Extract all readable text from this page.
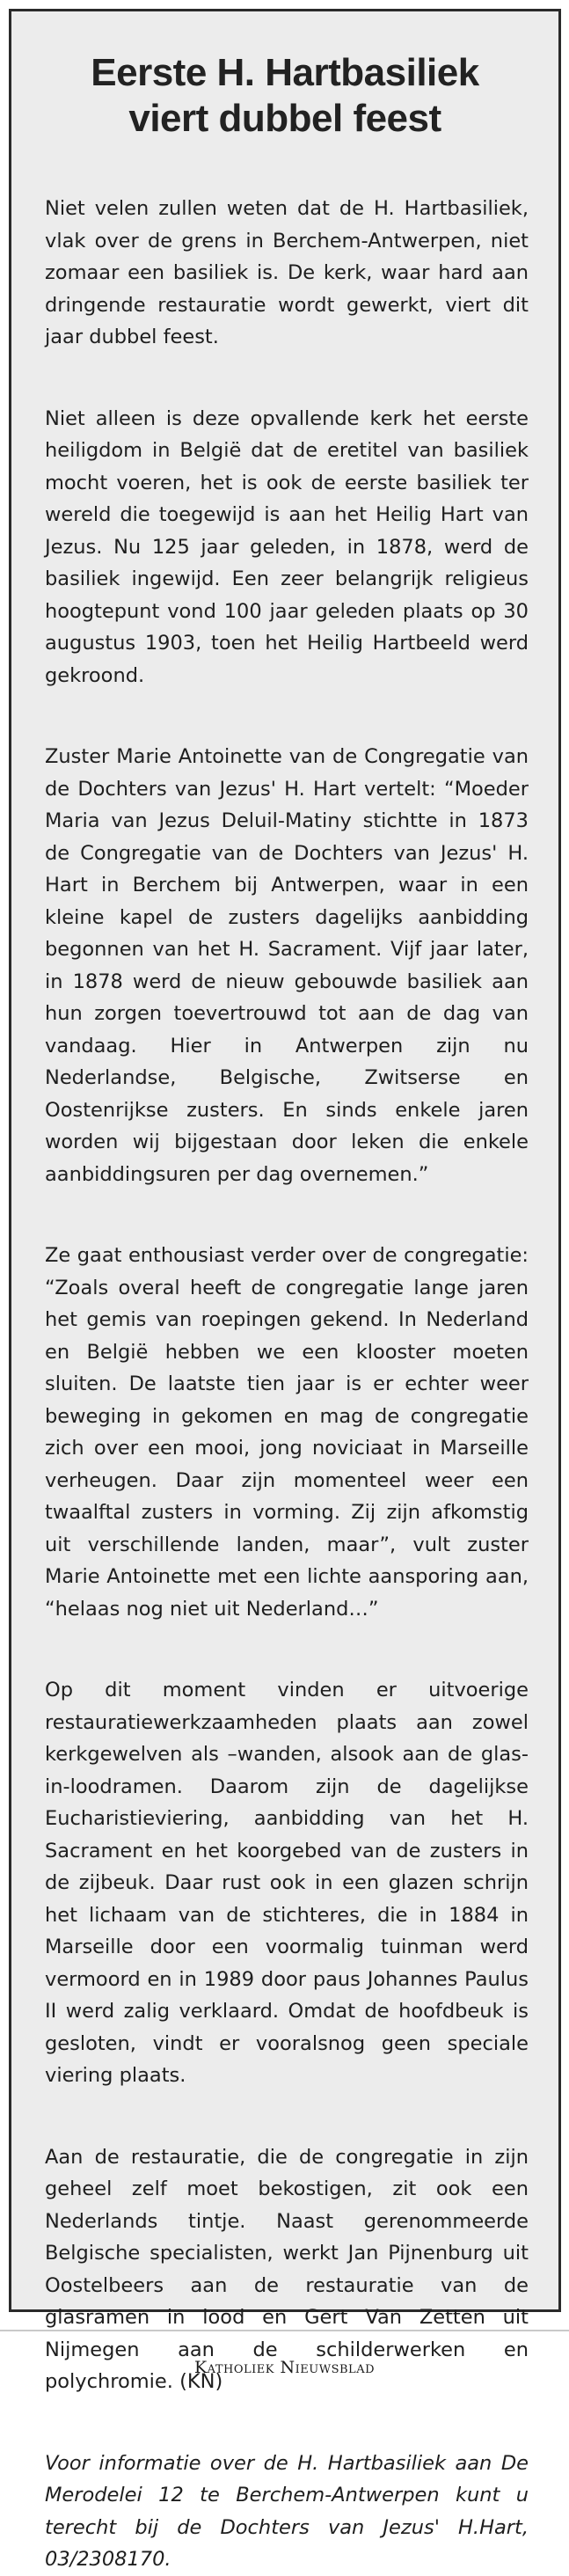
Eerste H. Hartbasiliek
viert dubbel feest

Niet velen zullen weten dat de H. Hartbasiliek, vlak over de grens in Berchem-Antwerpen, niet zomaar een basiliek is. De kerk, waar hard aan dringende restauratie wordt gewerkt, viert dit jaar dubbel feest.

Niet alleen is deze opvallende kerk het eerste heiligdom in België dat de eretitel van basiliek mocht voeren, het is ook de eerste basiliek ter wereld die toegewijd is aan het Heilig Hart van Jezus. Nu 125 jaar geleden, in 1878, werd de basiliek ingewijd. Een zeer belangrijk religieus hoogtepunt vond 100 jaar geleden plaats op 30 augustus 1903, toen het Heilig Hartbeeld werd gekroond.

Zuster Marie Antoinette van de Congregatie van de Dochters van Jezus' H. Hart vertelt: “Moeder Maria van Jezus Deluil-Matiny stichtte in 1873 de Congregatie van de Dochters van Jezus' H. Hart in Berchem bij Antwerpen, waar in een kleine kapel de zusters dagelijks aanbidding begonnen van het H. Sacrament. Vijf jaar later, in 1878 werd de nieuw gebouwde basiliek aan hun zorgen toevertrouwd tot aan de dag van vandaag. Hier in Antwerpen zijn nu Nederlandse, Belgische, Zwitserse en Oostenrijkse zusters. En sinds enkele jaren worden wij bijgestaan door leken die enkele aanbiddingsuren per dag overnemen.”

Ze gaat enthousiast verder over de congregatie: “Zoals overal heeft de congregatie lange jaren het gemis van roepingen gekend. In Nederland en België hebben we een klooster moeten sluiten. De laatste tien jaar is er echter weer beweging in gekomen en mag de congregatie zich over een mooi, jong noviciaat in Marseille verheugen. Daar zijn momenteel weer een twaalftal zusters in vorming. Zij zijn afkomstig uit verschillende landen, maar”, vult zuster Marie Antoinette met een lichte aansporing aan, “helaas nog niet uit Nederland…”

Op dit moment vinden er uitvoerige restauratiewerkzaamheden plaats aan zowel kerkgewelven als –wanden, alsook aan de glas-in-loodramen. Daarom zijn de dagelijkse Eucharistieviering, aanbidding van het H. Sacrament en het koorgebed van de zusters in de zijbeuk. Daar rust ook in een glazen schrijn het lichaam van de stichteres, die in 1884 in Marseille door een voormalig tuinman werd vermoord en in 1989 door paus Johannes Paulus II werd zalig verklaard. Omdat de hoofdbeuk is gesloten, vindt er vooralsnog geen speciale viering plaats.

Aan de restauratie, die de congregatie in zijn geheel zelf moet bekostigen, zit ook een Nederlands tintje. Naast gerenommeerde Belgische specialisten, werkt Jan Pijnenburg uit Oostelbeers aan de restauratie van de glasramen in lood en Gert Van Zetten uit Nijmegen aan de schilderwerken en polychromie. (KN)

Voor informatie over de H. Hartbasiliek aan De Merodelei 12 te Berchem-Antwerpen kunt u terecht bij de Dochters van Jezus' H.Hart, 03/2308170.

Katholiek Nieuwsblad
